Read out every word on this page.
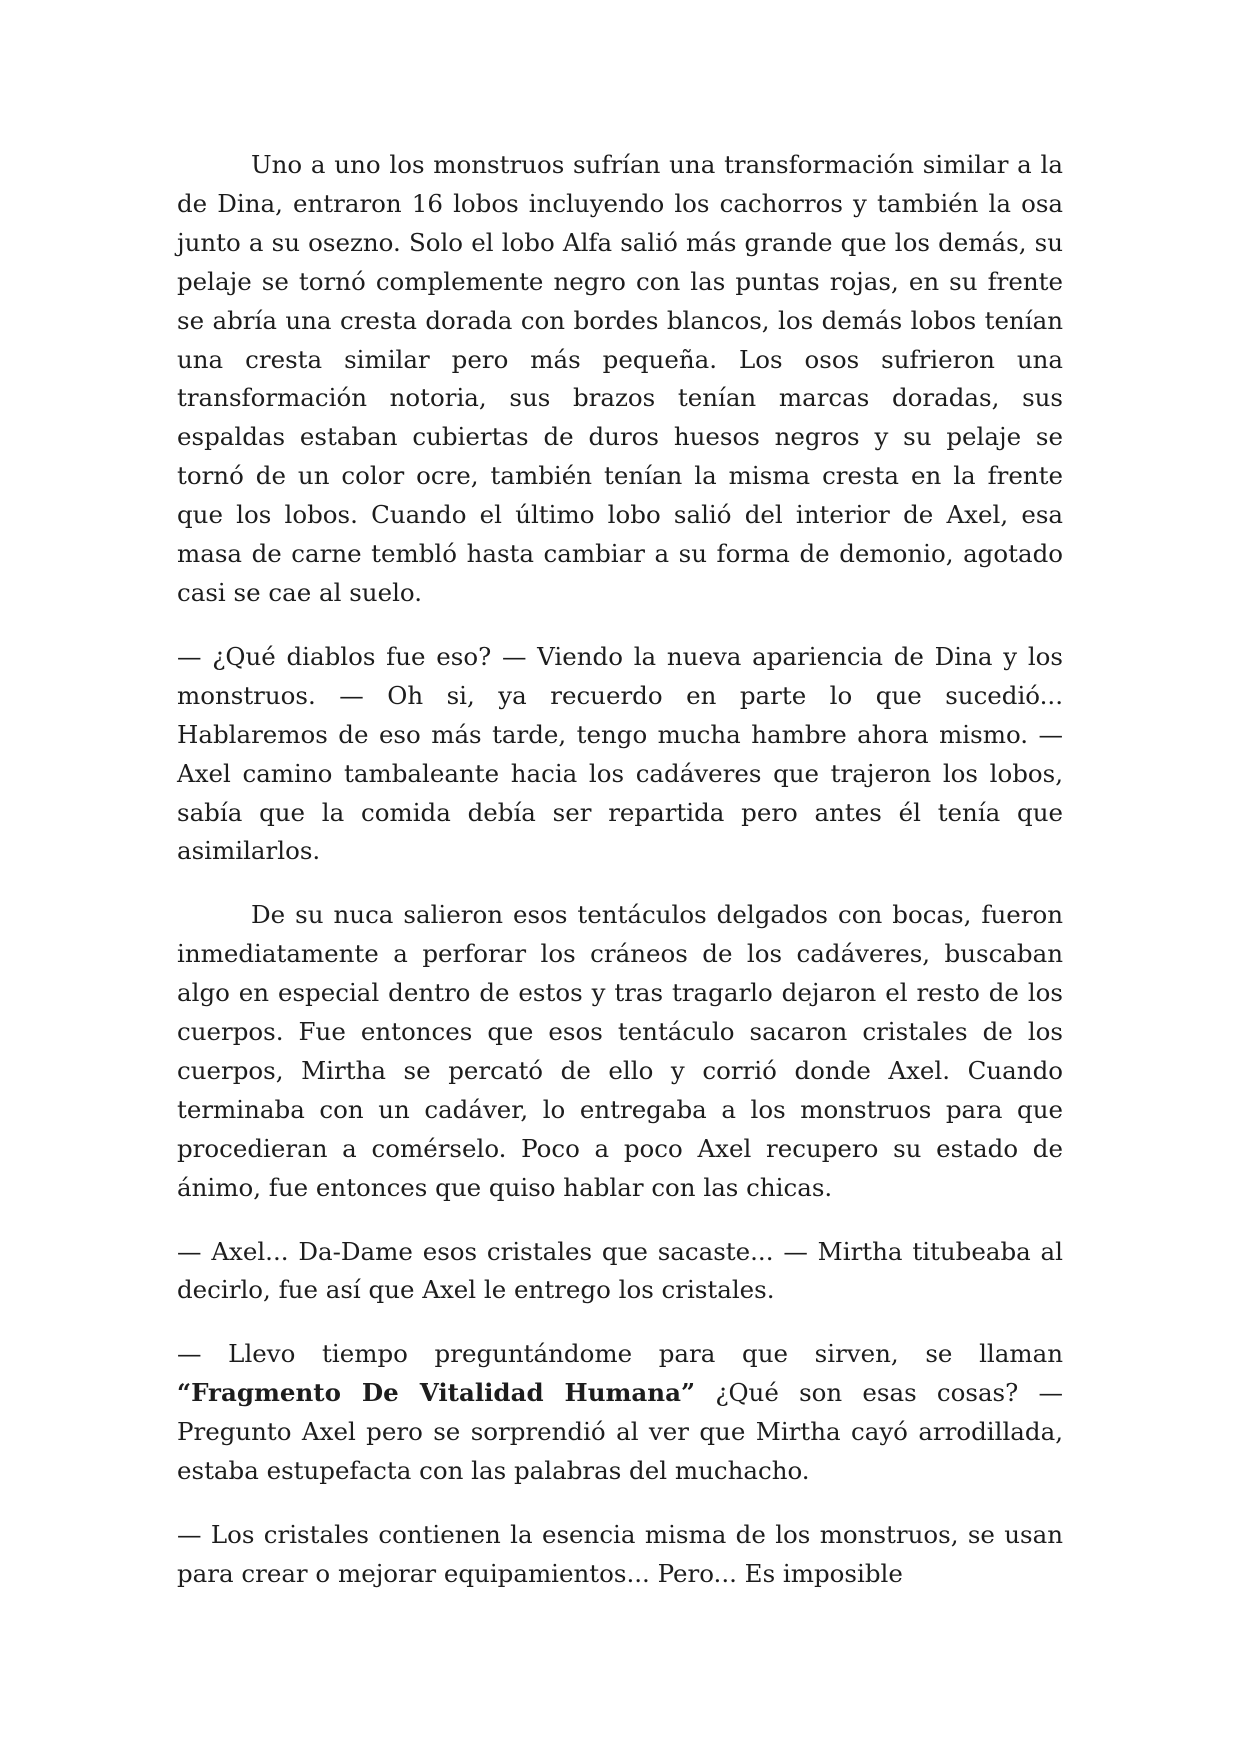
Uno a uno los monstruos sufrían una transformación similar a la de Dina, entraron 16 lobos incluyendo los cachorros y también la osa junto a su osezno. Solo el lobo Alfa salió más grande que los demás, su pelaje se tornó complemente negro con las puntas rojas, en su frente se abría una cresta dorada con bordes blancos, los demás lobos tenían una cresta similar pero más pequeña. Los osos sufrieron una transformación notoria, sus brazos tenían marcas doradas, sus espaldas estaban cubiertas de duros huesos negros y su pelaje se tornó de un color ocre, también tenían la misma cresta en la frente que los lobos. Cuando el último lobo salió del interior de Axel, esa masa de carne tembló hasta cambiar a su forma de demonio, agotado casi se cae al suelo.

— ¿Qué diablos fue eso? — Viendo la nueva apariencia de Dina y los monstruos. — Oh si, ya recuerdo en parte lo que sucedió... Hablaremos de eso más tarde, tengo mucha hambre ahora mismo. — Axel camino tambaleante hacia los cadáveres que trajeron los lobos, sabía que la comida debía ser repartida pero antes él tenía que asimilarlos.

De su nuca salieron esos tentáculos delgados con bocas, fueron inmediatamente a perforar los cráneos de los cadáveres, buscaban algo en especial dentro de estos y tras tragarlo dejaron el resto de los cuerpos. Fue entonces que esos tentáculo sacaron cristales de los cuerpos, Mirtha se percató de ello y corrió donde Axel. Cuando terminaba con un cadáver, lo entregaba a los monstruos para que procedieran a comérselo. Poco a poco Axel recupero su estado de ánimo, fue entonces que quiso hablar con las chicas.

— Axel... Da-Dame esos cristales que sacaste... — Mirtha titubeaba al decirlo, fue así que Axel le entrego los cristales.

— Llevo tiempo preguntándome para que sirven, se llaman “Fragmento De Vitalidad Humana” ¿Qué son esas cosas? — Pregunto Axel pero se sorprendió al ver que Mirtha cayó arrodillada, estaba estupefacta con las palabras del muchacho.

— Los cristales contienen la esencia misma de los monstruos, se usan para crear o mejorar equipamientos... Pero... Es imposible
